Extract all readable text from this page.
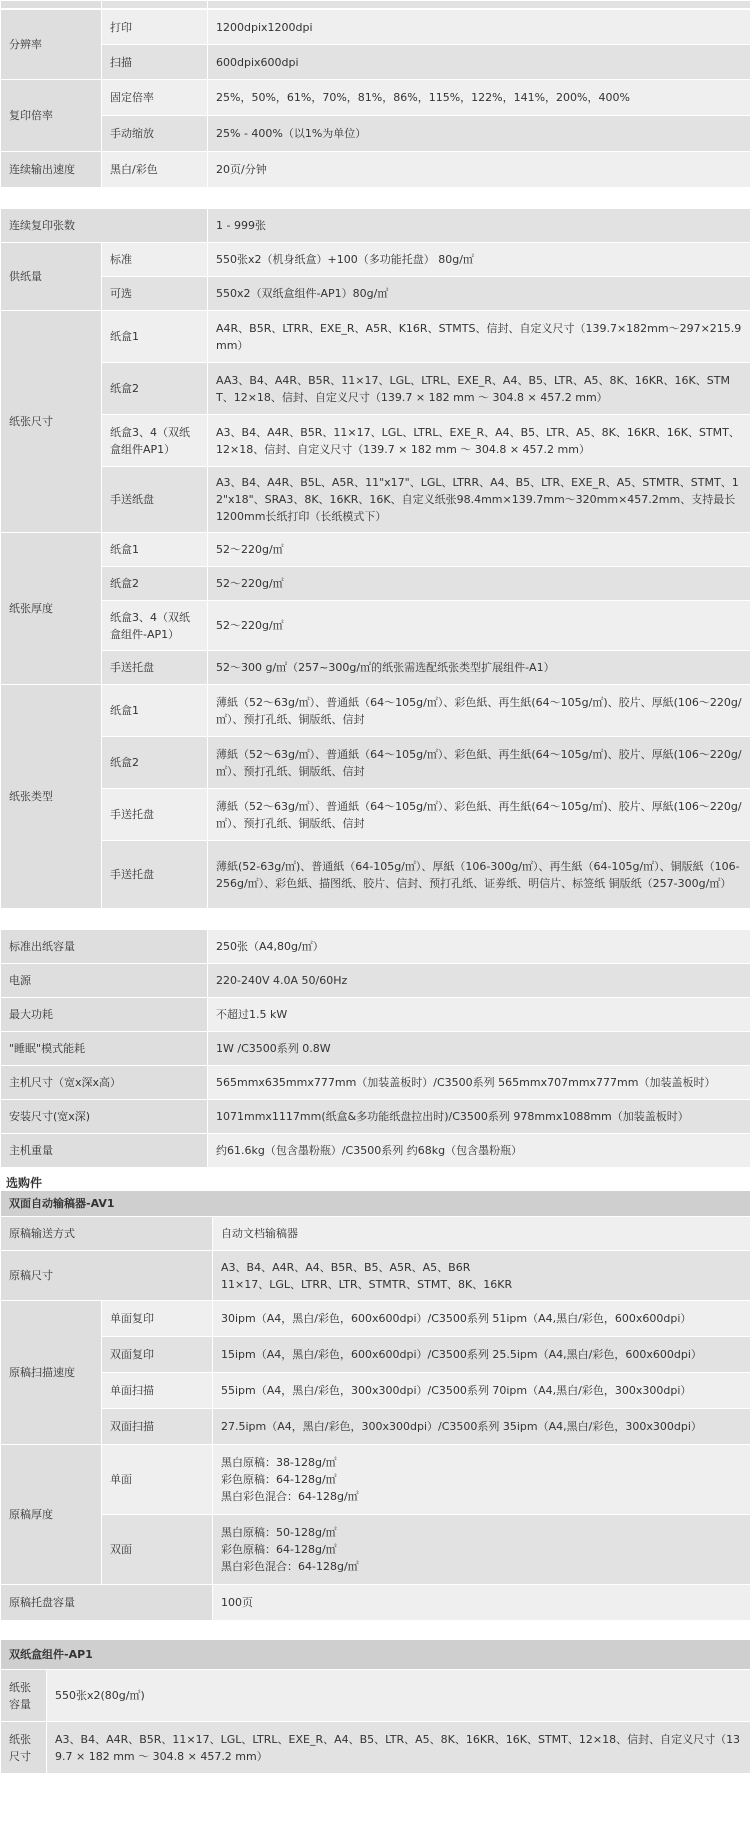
分辨率	打印	1200dpix1200dpi
	扫描	600dpix600dpi
复印倍率	固定倍率	25%，50%，61%，70%，81%，86%，115%，122%，141%，200%，400%
	手动缩放	25% - 400%（以1%为单位）
连续输出速度	黑白/彩色	20页/分钟
连续复印张数		1 - 999张
供纸量	标准	550张x2（机身纸盒）+100（多功能托盘） 80g/㎡
	可选	550x2（双纸盒组件-AP1）80g/㎡
纸张尺寸	纸盒1	A4R、B5R、LTRR、EXE_R、A5R、K16R、STMTS、信封、自定义尺寸（139.7×182mm～297×215.9mm）
	纸盒2	AA3、B4、A4R、B5R、11×17、LGL、LTRL、EXE_R、A4、B5、LTR、A5、8K、16KR、16K、STMT、12×18、信封、自定义尺寸（139.7 × 182 mm ～ 304.8 × 457.2 mm）
	纸盒3、4（双纸盒组件AP1）	A3、B4、A4R、B5R、11×17、LGL、LTRL、EXE_R、A4、B5、LTR、A5、8K、16KR、16K、STMT、12×18、信封、自定义尺寸（139.7 × 182 mm ～ 304.8 × 457.2 mm）
	手送纸盘	A3、B4、A4R、B5L、A5R、11"x17"、LGL、LTRR、A4、B5、LTR、EXE_R、A5、STMTR、STMT、12"x18"、SRA3、8K、16KR、16K、自定义纸张98.4mm×139.7mm～320mm×457.2mm、支持最长1200mm长纸打印（长纸模式下）
纸张厚度	纸盒1	52～220g/㎡
	纸盒2	52～220g/㎡
	纸盒3、4（双纸盒组件-AP1）	52～220g/㎡
	手送托盘	52～300 g/㎡（257~300g/㎡的纸张需选配纸张类型扩展组件-A1）
纸张类型	纸盒1	薄紙（52～63g/㎡）、普通紙（64～105g/㎡）、彩色紙、再生紙(64～105g/㎡)、胶片、厚紙(106～220g/㎡）、预打孔纸、铜版纸、信封
	纸盒2	薄紙（52～63g/㎡）、普通紙（64～105g/㎡）、彩色紙、再生紙(64～105g/㎡)、胶片、厚紙(106～220g/㎡）、预打孔纸、铜版纸、信封
	手送托盘	薄紙（52～63g/㎡）、普通紙（64～105g/㎡）、彩色紙、再生紙(64～105g/㎡)、胶片、厚紙(106～220g/㎡）、预打孔纸、铜版纸、信封
	手送托盘	薄紙(52-63g/㎡)、普通紙（64-105g/㎡）、厚紙（106-300g/㎡）、再生紙（64-105g/㎡）、铜版紙（106-256g/㎡）、彩色紙、描图纸、胶片、信封、预打孔纸、证劵纸、明信片、标签纸 铜版纸（257-300g/㎡）
标准出纸容量	250张（A4,80g/㎡）
电源	220-240V 4.0A 50/60Hz
最大功耗	不超过1.5 kW
"睡眠"模式能耗	1W /C3500系列 0.8W
主机尺寸（宽x深x高）	565mmx635mmx777mm（加装盖板时）/C3500系列 565mmx707mmx777mm（加装盖板时）
安装尺寸(宽x深)	1071mmx1117mm(纸盒&多功能纸盘拉出时)/C3500系列 978mmx1088mm（加装盖板时）
主机重量	约61.6kg（包含墨粉瓶）/C3500系列 约68kg（包含墨粉瓶）
选购件
双面自动输稿器-AV1		
原稿输送方式		自动文档输稿器
原稿尺寸		A3、B4、A4R、A4、B5R、B5、A5R、A5、B6R
11×17、LGL、LTRR、LTR、STMTR、STMT、8K、16KR

原稿扫描速度	单面复印	30ipm（A4，黑白/彩色，600x600dpi）/C3500系列 51ipm（A4,黑白/彩色，600x600dpi）
	双面复印	15ipm（A4，黑白/彩色，600x600dpi）/C3500系列 25.5ipm（A4,黑白/彩色，600x600dpi）
	单面扫描	55ipm（A4，黑白/彩色，300x300dpi）/C3500系列 70ipm（A4,黑白/彩色，300x300dpi）
	双面扫描	27.5ipm（A4，黑白/彩色，300x300dpi）/C3500系列 35ipm（A4,黑白/彩色，300x300dpi）
原稿厚度	单面	黑白原稿：38-128g/㎡
彩色原稿：64-128g/㎡
黑白彩色混合：64-128g/㎡

	双面	黑白原稿：50-128g/㎡
彩色原稿：64-128g/㎡
黑白彩色混合：64-128g/㎡

原稿托盘容量		100页
双纸盒组件-AP1	
纸张容量	550张x2(80g/㎡)
纸张尺寸	A3、B4、A4R、B5R、11×17、LGL、LTRL、EXE_R、A4、B5、LTR、A5、8K、16KR、16K、STMT、12×18、信封、自定义尺寸（139.7 × 182 mm ～ 304.8 × 457.2 mm）
